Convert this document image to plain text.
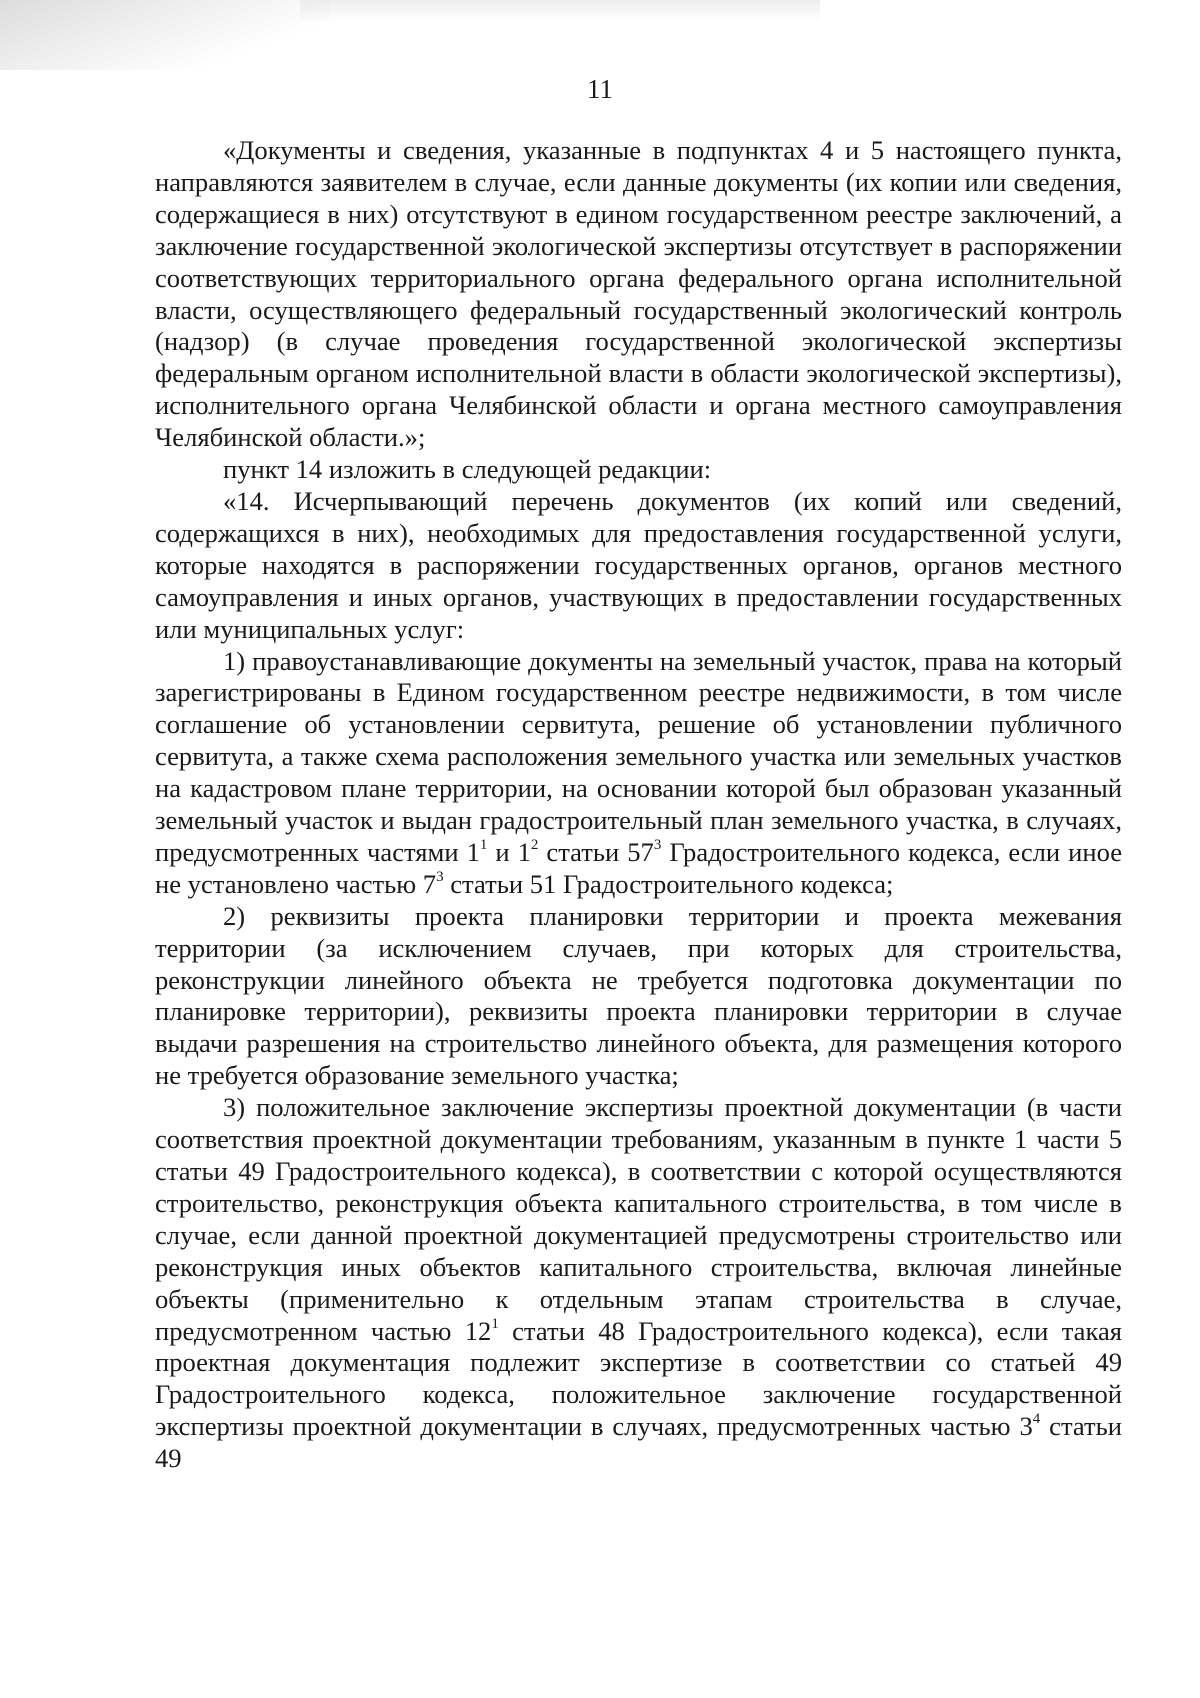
11

«Документы и сведения, указанные в подпунктах 4 и 5 настоящего пункта, направляются заявителем в случае, если данные документы (их копии или сведения, содержащиеся в них) отсутствуют в едином государственном реестре заключений, а заключение государственной экологической экспертизы отсутствует в распоряжении соответствующих территориального органа федерального органа исполнительной власти, осуществляющего федеральный государственный экологический контроль (надзор) (в случае проведения государственной экологической экспертизы федеральным органом исполнительной власти в области экологической экспертизы), исполнительного органа Челябинской области и органа местного самоуправления Челябинской области.»;

пункт 14 изложить в следующей редакции:

«14. Исчерпывающий перечень документов (их копий или сведений, содержащихся в них), необходимых для предоставления государственной услуги, которые находятся в распоряжении государственных органов, органов местного самоуправления и иных органов, участвующих в предоставлении государственных или муниципальных услуг:

1) правоустанавливающие документы на земельный участок, права на который зарегистрированы в Едином государственном реестре недвижимости, в том числе соглашение об установлении сервитута, решение об установлении публичного сервитута, а также схема расположения земельного участка или земельных участков на кадастровом плане территории, на основании которой был образован указанный земельный участок и выдан градостроительный план земельного участка, в случаях, предусмотренных частями $1^1$ и $1^2$ статьи $57^3$ Градостроительного кодекса, если иное не установлено частью $7^3$ статьи 51 Градостроительного кодекса;

2) реквизиты проекта планировки территории и проекта межевания территории (за исключением случаев, при которых для строительства, реконструкции линейного объекта не требуется подготовка документации по планировке территории), реквизиты проекта планировки территории в случае выдачи разрешения на строительство линейного объекта, для размещения которого не требуется образование земельного участка;

3) положительное заключение экспертизы проектной документации (в части соответствия проектной документации требованиям, указанным в пункте 1 части 5 статьи 49 Градостроительного кодекса), в соответствии с которой осуществляются строительство, реконструкция объекта капитального строительства, в том числе в случае, если данной проектной документацией предусмотрены строительство или реконструкция иных объектов капитального строительства, включая линейные объекты (применительно к отдельным этапам строительства в случае, предусмотренном частью $12^1$ статьи 48 Градостроительного кодекса), если такая проектная документация подлежит экспертизе в соответствии со статьей 49 Градостроительного кодекса, положительное заключение государственной экспертизы проектной документации в случаях, предусмотренных частью $3^4$ статьи 49
